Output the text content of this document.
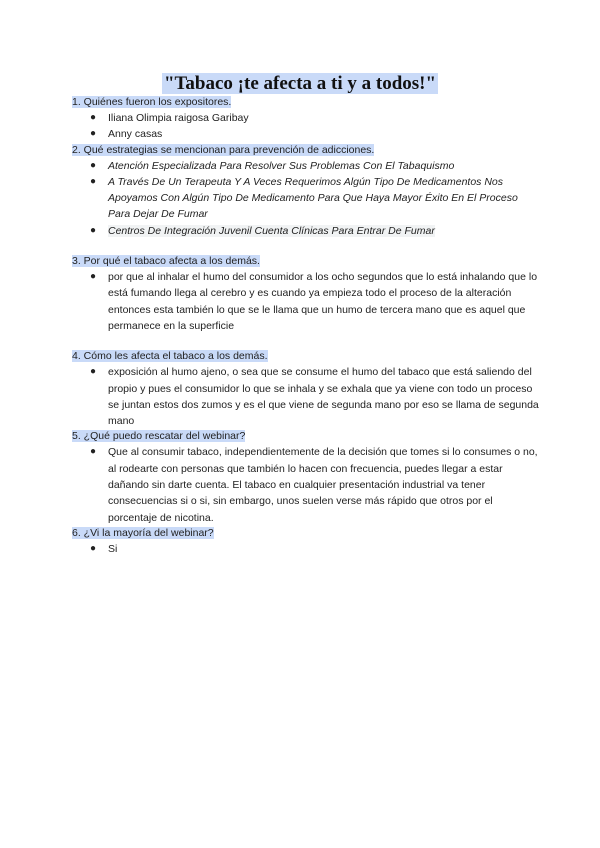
"Tabaco ¡te afecta a ti y a todos!"

1. Quiénes fueron los expositores.

● Iliana Olimpia raigosa Garibay
● Anny casas

2. Qué estrategias se mencionan para prevención de adicciones.

● Atención Especializada Para Resolver Sus Problemas Con El Tabaquismo
● A Través De Un Terapeuta Y A Veces Requerimos Algún Tipo De Medicamentos Nos Apoyamos Con Algún Tipo De Medicamento Para Que Haya Mayor Éxito En El Proceso Para Dejar De Fumar
● Centros De Integración Juvenil Cuenta Clínicas Para Entrar De Fumar

3. Por qué el tabaco afecta a los demás.

● por que al inhalar el humo del consumidor a los ocho segundos que lo está inhalando que lo está fumando llega al cerebro y es cuando ya empieza todo el proceso de la alteración entonces esta también lo que se le llama que un humo de tercera mano que es aquel que permanece en la superficie

4. Cómo les afecta el tabaco a los demás.

● exposición al humo ajeno, o sea que se consume el humo del tabaco que está saliendo del propio y pues el consumidor lo que se inhala y se exhala que ya viene con todo un proceso se juntan estos dos zumos y es el que viene de segunda mano por eso se llama de segunda mano

5. ¿Qué puedo rescatar del webinar?

● Que al consumir tabaco, independientemente de la decisión que tomes si lo consumes o no, al rodearte con personas que también lo hacen con frecuencia, puedes llegar a estar dañando sin darte cuenta. El tabaco en cualquier presentación industrial va tener consecuencias si o si, sin embargo, unos suelen verse más rápido que otros por el porcentaje de nicotina.

6. ¿Vi la mayoría del webinar?

● Si
